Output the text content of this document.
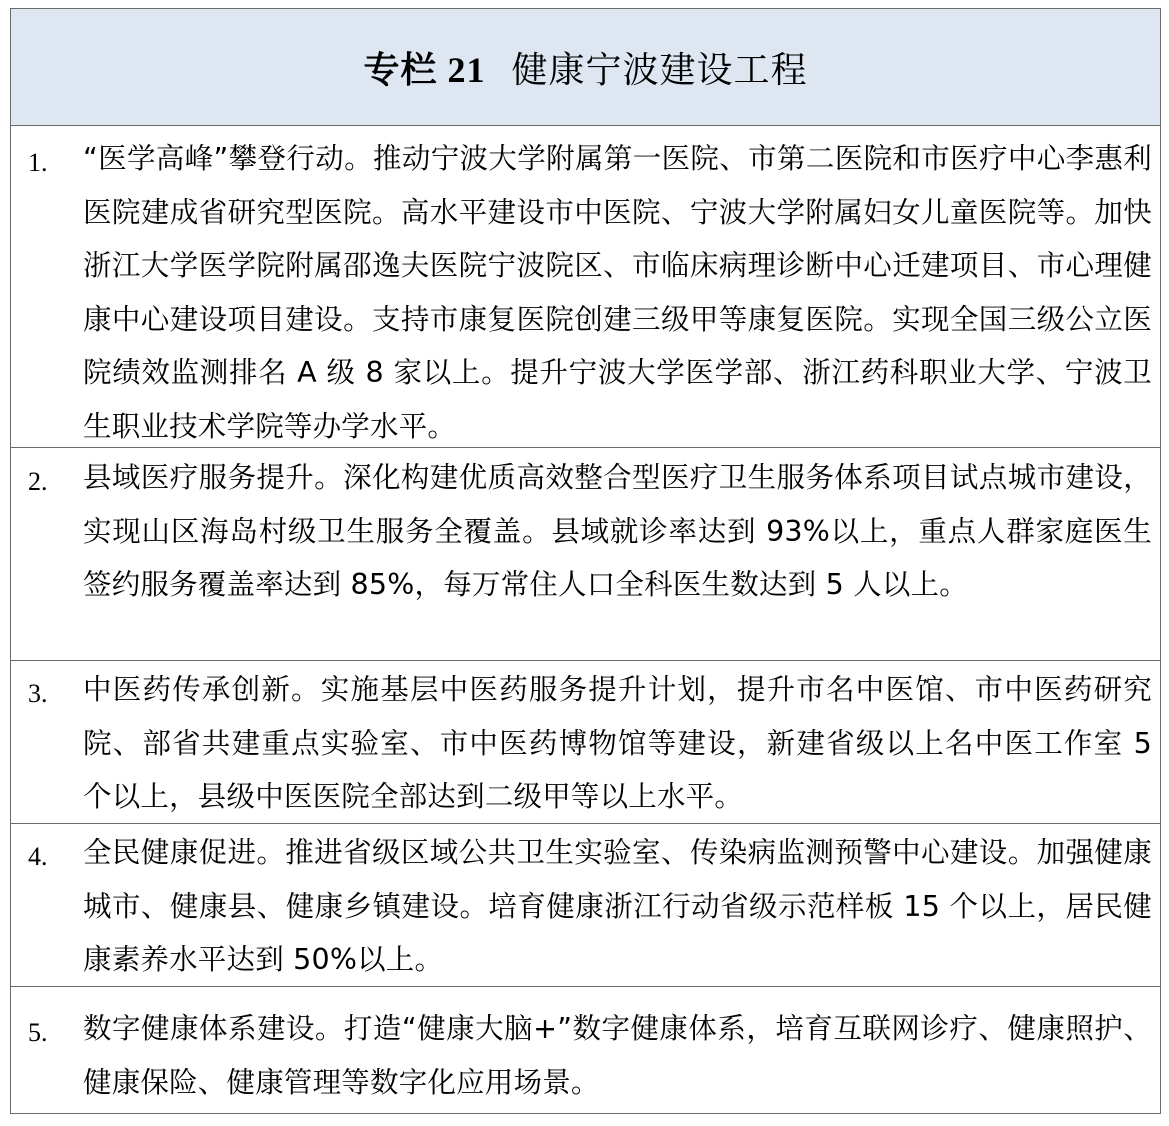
专栏 21 健康宁波建设工程
1. “医学高峰”攀登行动。推动宁波大学附属第一医院、市第二医院和市医疗中心李惠利医院建成省研究型医院。高水平建设市中医院、宁波大学附属妇女儿童医院等。加快浙江大学医学院附属邵逸夫医院宁波院区、市临床病理诊断中心迁建项目、市心理健康中心建设项目建设。支持市康复医院创建三级甲等康复医院。实现全国三级公立医院绩效监测排名 A 级 8 家以上。提升宁波大学医学部、浙江药科职业大学、宁波卫生职业技术学院等办学水平。
2. 县域医疗服务提升。深化构建优质高效整合型医疗卫生服务体系项目试点城市建设，实现山区海岛村级卫生服务全覆盖。县域就诊率达到 93%以上，重点人群家庭医生签约服务覆盖率达到 85%，每万常住人口全科医生数达到 5 人以上。
3. 中医药传承创新。实施基层中医药服务提升计划，提升市名中医馆、市中医药研究院、部省共建重点实验室、市中医药博物馆等建设，新建省级以上名中医工作室 5 个以上，县级中医医院全部达到二级甲等以上水平。
4. 全民健康促进。推进省级区域公共卫生实验室、传染病监测预警中心建设。加强健康城市、健康县、健康乡镇建设。培育健康浙江行动省级示范样板 15 个以上，居民健康素养水平达到 50%以上。
5. 数字健康体系建设。打造“健康大脑+”数字健康体系，培育互联网诊疗、健康照护、健康保险、健康管理等数字化应用场景。
